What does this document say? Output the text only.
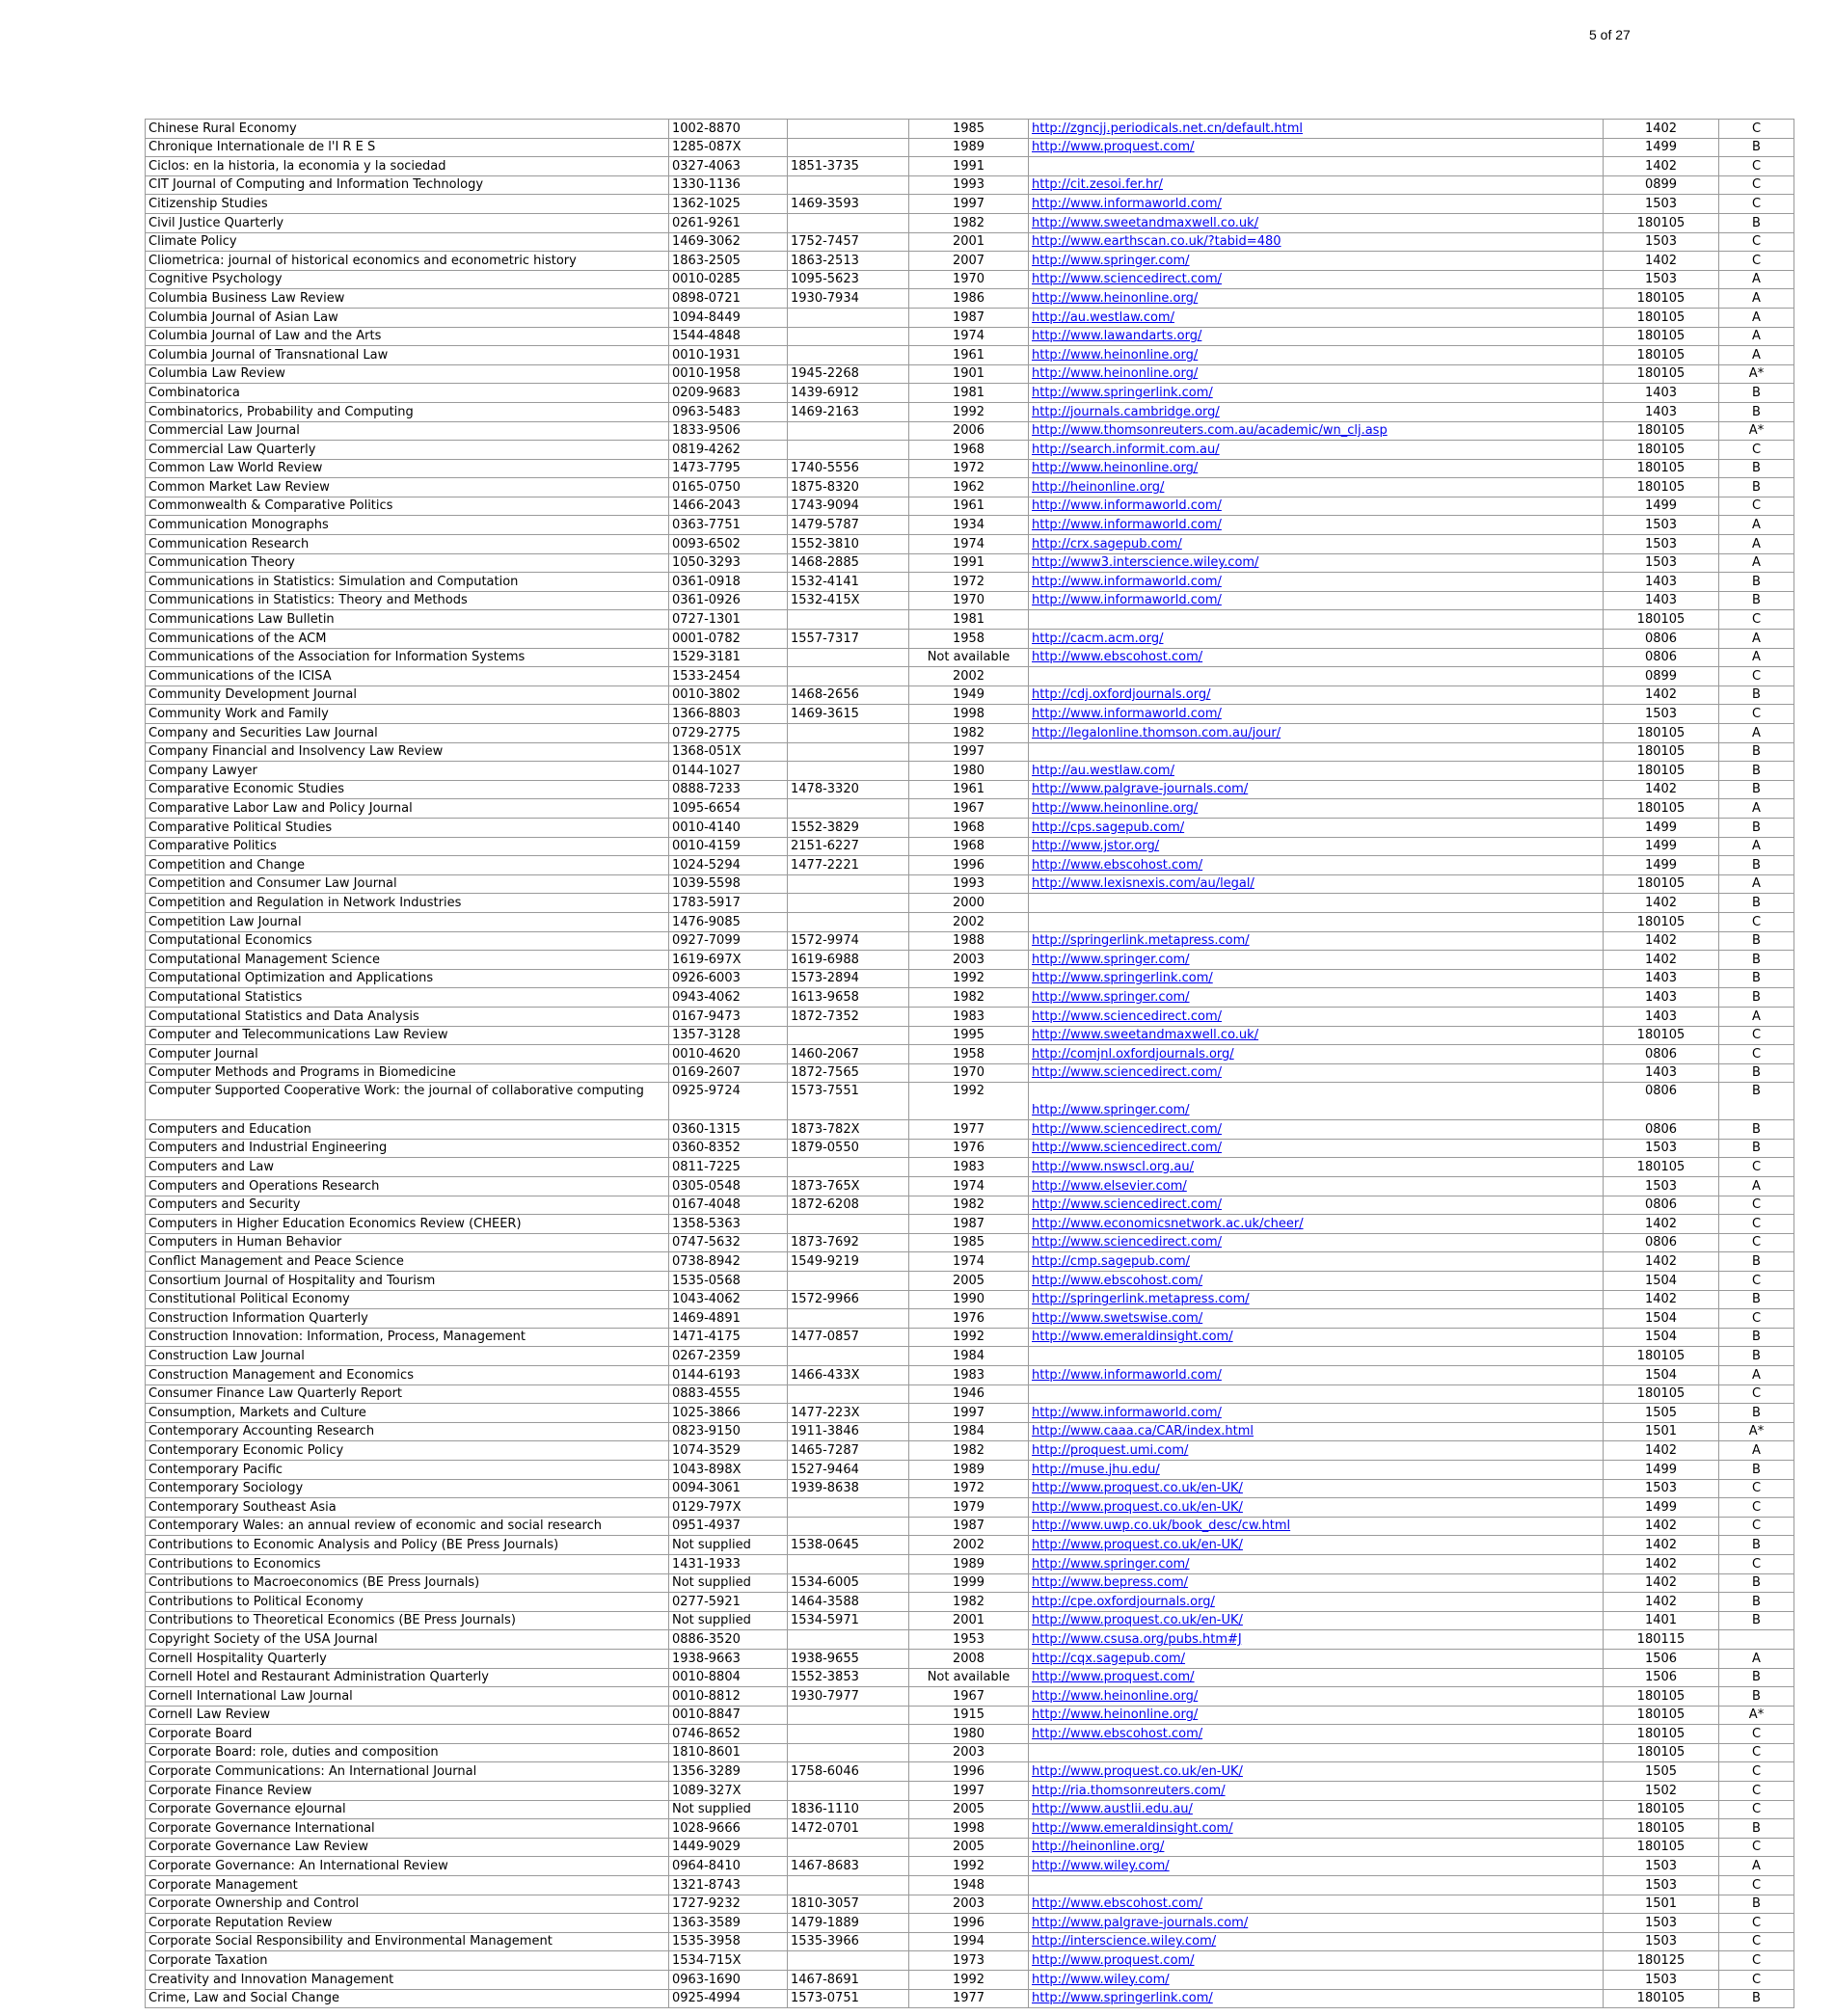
5 of 27
Chinese Rural Economy	1002-8870		1985	http://zgncjj.periodicals.net.cn/default.html	1402	C
Chronique Internationale de l'I R E S	1285-087X		1989	http://www.proquest.com/	1499	B
Ciclos: en la historia, la economia y la sociedad	0327-4063	1851-3735	1991		1402	C
CIT Journal of Computing and Information Technology	1330-1136		1993	http://cit.zesoi.fer.hr/	0899	C
Citizenship Studies	1362-1025	1469-3593	1997	http://www.informaworld.com/	1503	C
Civil Justice Quarterly	0261-9261		1982	http://www.sweetandmaxwell.co.uk/	180105	B
Climate Policy	1469-3062	1752-7457	2001	http://www.earthscan.co.uk/?tabid=480	1503	C
Cliometrica: journal of historical economics and econometric history	1863-2505	1863-2513	2007	http://www.springer.com/	1402	C
Cognitive Psychology	0010-0285	1095-5623	1970	http://www.sciencedirect.com/	1503	A
Columbia Business Law Review	0898-0721	1930-7934	1986	http://www.heinonline.org/	180105	A
Columbia Journal of Asian Law	1094-8449		1987	http://au.westlaw.com/	180105	A
Columbia Journal of Law and the Arts	1544-4848		1974	http://www.lawandarts.org/	180105	A
Columbia Journal of Transnational Law	0010-1931		1961	http://www.heinonline.org/	180105	A
Columbia Law Review	0010-1958	1945-2268	1901	http://www.heinonline.org/	180105	A*
Combinatorica	0209-9683	1439-6912	1981	http://www.springerlink.com/	1403	B
Combinatorics, Probability and Computing	0963-5483	1469-2163	1992	http://journals.cambridge.org/	1403	B
Commercial Law Journal	1833-9506		2006	http://www.thomsonreuters.com.au/academic/wn_clj.asp	180105	A*
Commercial Law Quarterly	0819-4262		1968	http://search.informit.com.au/	180105	C
Common Law World Review	1473-7795	1740-5556	1972	http://www.heinonline.org/	180105	B
Common Market Law Review	0165-0750	1875-8320	1962	http://heinonline.org/	180105	B
Commonwealth & Comparative Politics	1466-2043	1743-9094	1961	http://www.informaworld.com/	1499	C
Communication Monographs	0363-7751	1479-5787	1934	http://www.informaworld.com/	1503	A
Communication Research	0093-6502	1552-3810	1974	http://crx.sagepub.com/	1503	A
Communication Theory	1050-3293	1468-2885	1991	http://www3.interscience.wiley.com/	1503	A
Communications in Statistics: Simulation and Computation	0361-0918	1532-4141	1972	http://www.informaworld.com/	1403	B
Communications in Statistics: Theory and Methods	0361-0926	1532-415X	1970	http://www.informaworld.com/	1403	B
Communications Law Bulletin	0727-1301		1981		180105	C
Communications of the ACM	0001-0782	1557-7317	1958	http://cacm.acm.org/	0806	A
Communications of the Association for Information Systems	1529-3181		Not available	http://www.ebscohost.com/	0806	A
Communications of the ICISA	1533-2454		2002		0899	C
Community Development Journal	0010-3802	1468-2656	1949	http://cdj.oxfordjournals.org/	1402	B
Community Work and Family	1366-8803	1469-3615	1998	http://www.informaworld.com/	1503	C
Company and Securities Law Journal	0729-2775		1982	http://legalonline.thomson.com.au/jour/	180105	A
Company Financial and Insolvency Law Review	1368-051X		1997		180105	B
Company Lawyer	0144-1027		1980	http://au.westlaw.com/	180105	B
Comparative Economic Studies	0888-7233	1478-3320	1961	http://www.palgrave-journals.com/	1402	B
Comparative Labor Law and Policy Journal	1095-6654		1967	http://www.heinonline.org/	180105	A
Comparative Political Studies	0010-4140	1552-3829	1968	http://cps.sagepub.com/	1499	B
Comparative Politics	0010-4159	2151-6227	1968	http://www.jstor.org/	1499	A
Competition and Change	1024-5294	1477-2221	1996	http://www.ebscohost.com/	1499	B
Competition and Consumer Law Journal	1039-5598		1993	http://www.lexisnexis.com/au/legal/	180105	A
Competition and Regulation in Network Industries	1783-5917		2000		1402	B
Competition Law Journal	1476-9085		2002		180105	C
Computational Economics	0927-7099	1572-9974	1988	http://springerlink.metapress.com/	1402	B
Computational Management Science	1619-697X	1619-6988	2003	http://www.springer.com/	1402	B
Computational Optimization and Applications	0926-6003	1573-2894	1992	http://www.springerlink.com/	1403	B
Computational Statistics	0943-4062	1613-9658	1982	http://www.springer.com/	1403	B
Computational Statistics and Data Analysis	0167-9473	1872-7352	1983	http://www.sciencedirect.com/	1403	A
Computer and Telecommunications Law Review	1357-3128		1995	http://www.sweetandmaxwell.co.uk/	180105	C
Computer Journal	0010-4620	1460-2067	1958	http://comjnl.oxfordjournals.org/	0806	C
Computer Methods and Programs in Biomedicine	0169-2607	1872-7565	1970	http://www.sciencedirect.com/	1403	B
Computer Supported Cooperative Work: the journal of collaborative computing	0925-9724	1573-7551	1992	http://www.springer.com/	0806	B
Computers and Education	0360-1315	1873-782X	1977	http://www.sciencedirect.com/	0806	B
Computers and Industrial Engineering	0360-8352	1879-0550	1976	http://www.sciencedirect.com/	1503	B
Computers and Law	0811-7225		1983	http://www.nswscl.org.au/	180105	C
Computers and Operations Research	0305-0548	1873-765X	1974	http://www.elsevier.com/	1503	A
Computers and Security	0167-4048	1872-6208	1982	http://www.sciencedirect.com/	0806	C
Computers in Higher Education Economics Review (CHEER)	1358-5363		1987	http://www.economicsnetwork.ac.uk/cheer/	1402	C
Computers in Human Behavior	0747-5632	1873-7692	1985	http://www.sciencedirect.com/	0806	C
Conflict Management and Peace Science	0738-8942	1549-9219	1974	http://cmp.sagepub.com/	1402	B
Consortium Journal of Hospitality and Tourism	1535-0568		2005	http://www.ebscohost.com/	1504	C
Constitutional Political Economy	1043-4062	1572-9966	1990	http://springerlink.metapress.com/	1402	B
Construction Information Quarterly	1469-4891		1976	http://www.swetswise.com/	1504	C
Construction Innovation: Information, Process, Management	1471-4175	1477-0857	1992	http://www.emeraldinsight.com/	1504	B
Construction Law Journal	0267-2359		1984		180105	B
Construction Management and Economics	0144-6193	1466-433X	1983	http://www.informaworld.com/	1504	A
Consumer Finance Law Quarterly Report	0883-4555		1946		180105	C
Consumption, Markets and Culture	1025-3866	1477-223X	1997	http://www.informaworld.com/	1505	B
Contemporary Accounting Research	0823-9150	1911-3846	1984	http://www.caaa.ca/CAR/index.html	1501	A*
Contemporary Economic Policy	1074-3529	1465-7287	1982	http://proquest.umi.com/	1402	A
Contemporary Pacific	1043-898X	1527-9464	1989	http://muse.jhu.edu/	1499	B
Contemporary Sociology	0094-3061	1939-8638	1972	http://www.proquest.co.uk/en-UK/	1503	C
Contemporary Southeast Asia	0129-797X		1979	http://www.proquest.co.uk/en-UK/	1499	C
Contemporary Wales: an annual review of economic and social research	0951-4937		1987	http://www.uwp.co.uk/book_desc/cw.html	1402	C
Contributions to Economic Analysis and Policy (BE Press Journals)	Not supplied	1538-0645	2002	http://www.proquest.co.uk/en-UK/	1402	B
Contributions to Economics	1431-1933		1989	http://www.springer.com/	1402	C
Contributions to Macroeconomics (BE Press Journals)	Not supplied	1534-6005	1999	http://www.bepress.com/	1402	B
Contributions to Political Economy	0277-5921	1464-3588	1982	http://cpe.oxfordjournals.org/	1402	B
Contributions to Theoretical Economics (BE Press Journals)	Not supplied	1534-5971	2001	http://www.proquest.co.uk/en-UK/	1401	B
Copyright Society of the USA Journal	0886-3520		1953	http://www.csusa.org/pubs.htm#J	180115	
Cornell Hospitality Quarterly	1938-9663	1938-9655	2008	http://cqx.sagepub.com/	1506	A
Cornell Hotel and Restaurant Administration Quarterly	0010-8804	1552-3853	Not available	http://www.proquest.com/	1506	B
Cornell International Law Journal	0010-8812	1930-7977	1967	http://www.heinonline.org/	180105	B
Cornell Law Review	0010-8847		1915	http://www.heinonline.org/	180105	A*
Corporate Board	0746-8652		1980	http://www.ebscohost.com/	180105	C
Corporate Board: role, duties and composition	1810-8601		2003		180105	C
Corporate Communications: An International Journal	1356-3289	1758-6046	1996	http://www.proquest.co.uk/en-UK/	1505	C
Corporate Finance Review	1089-327X		1997	http://ria.thomsonreuters.com/	1502	C
Corporate Governance eJournal	Not supplied	1836-1110	2005	http://www.austlii.edu.au/	180105	C
Corporate Governance International	1028-9666	1472-0701	1998	http://www.emeraldinsight.com/	180105	B
Corporate Governance Law Review	1449-9029		2005	http://heinonline.org/	180105	C
Corporate Governance: An International Review	0964-8410	1467-8683	1992	http://www.wiley.com/	1503	A
Corporate Management	1321-8743		1948		1503	C
Corporate Ownership and Control	1727-9232	1810-3057	2003	http://www.ebscohost.com/	1501	B
Corporate Reputation Review	1363-3589	1479-1889	1996	http://www.palgrave-journals.com/	1503	C
Corporate Social Responsibility and Environmental Management	1535-3958	1535-3966	1994	http://interscience.wiley.com/	1503	C
Corporate Taxation	1534-715X		1973	http://www.proquest.com/	180125	C
Creativity and Innovation Management	0963-1690	1467-8691	1992	http://www.wiley.com/	1503	C
Crime, Law and Social Change	0925-4994	1573-0751	1977	http://www.springerlink.com/	180105	B
